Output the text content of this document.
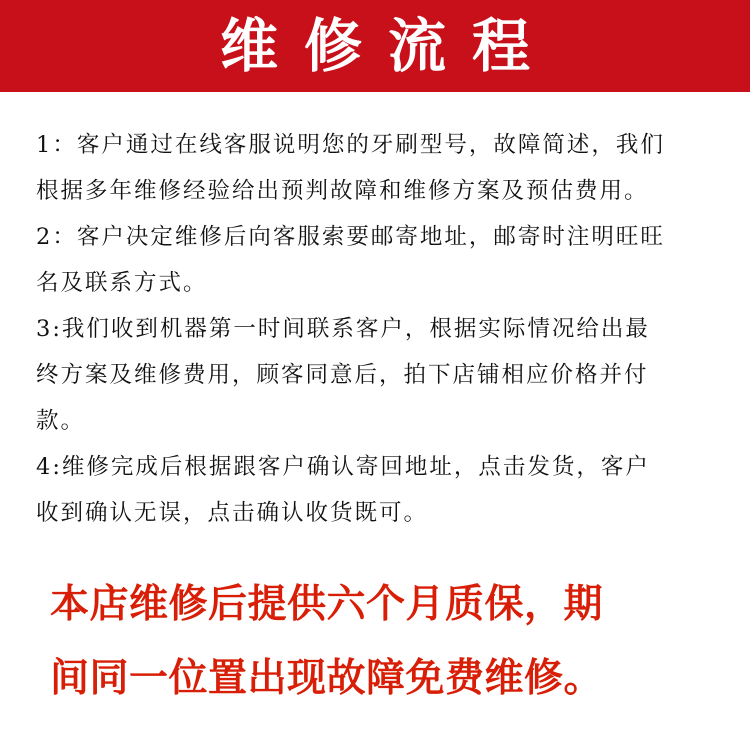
维修流程
1：客户通过在线客服说明您的牙刷型号，故障简述，我们
根据多年维修经验给出预判故障和维修方案及预估费用。
2：客户决定维修后向客服索要邮寄地址，邮寄时注明旺旺
名及联系方式。
3:我们收到机器第一时间联系客户，根据实际情况给出最
终方案及维修费用，顾客同意后，拍下店铺相应价格并付
款。
4:维修完成后根据跟客户确认寄回地址，点击发货，客户
收到确认无误，点击确认收货既可。
本店维修后提供六个月质保，期
间同一位置出现故障免费维修。
